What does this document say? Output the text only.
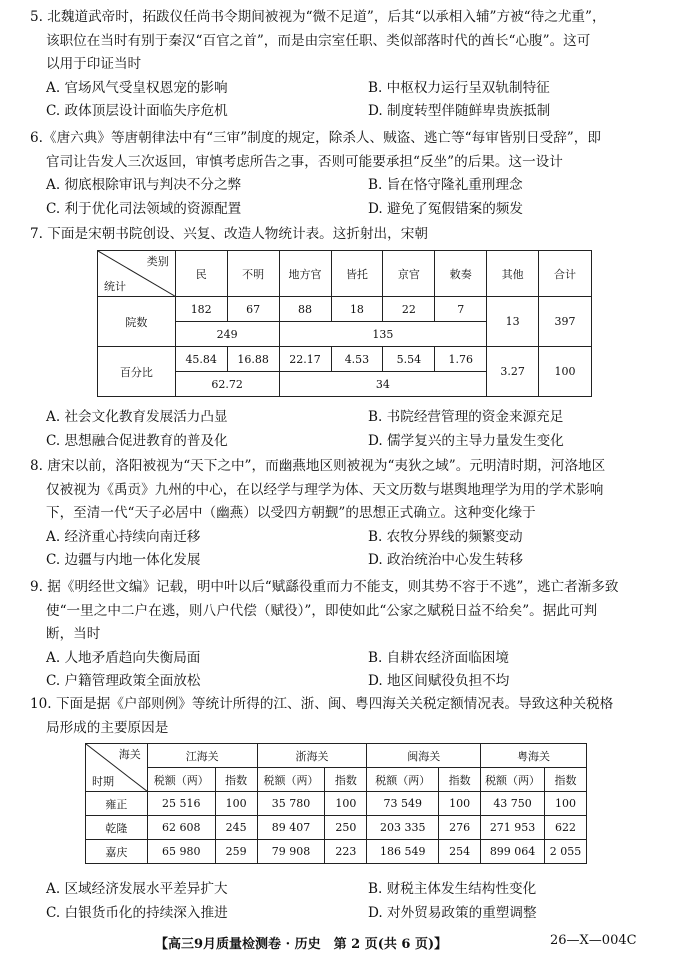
5. 北魏道武帝时，拓跋仪任尚书令期间被视为“微不足道”，后其“以承相入辅”方被“待之尤重”，

该职位在当时有别于秦汉“百官之首”，而是由宗室任职、类似部落时代的酋长“心腹”。这可

以用于印证当时

A. 官场风气受皇权恩宠的影响	B. 中枢权力运行呈双轨制特征
C. 政体顶层设计面临失序危机	D. 制度转型伴随鲜卑贵族抵制

6.《唐六典》等唐朝律法中有“三审”制度的规定，除杀人、贼盗、逃亡等“每审皆别日受辞”，即

官司让告发人三次返回，审慎考虑所告之事，否则可能要承担“反坐”的后果。这一设计

A. 彻底根除审讯与判决不分之弊	B. 旨在恪守隆礼重刑理念
C. 利于优化司法领域的资源配置	D. 避免了冤假错案的频发

7. 下面是宋朝书院创设、兴复、改造人物统计表。这折射出，宋朝

类别
统计	民	不明	地方官	皆托	京官	敕奏	其他	合计
院数	182	67	88	18	22	7	13	397
	249		135					
百分比	45.84	16.88	22.17	4.53	5.54	1.76	3.27	100
	62.72		34					
A. 社会文化教育发展活力凸显	B. 书院经营管理的资金来源充足
C. 思想融合促进教育的普及化	D. 儒学复兴的主导力量发生变化

8. 唐宋以前，洛阳被视为“天下之中”，而幽燕地区则被视为“夷狄之域”。元明清时期，河洛地区

仅被视为《禹贡》九州的中心，在以经学与理学为体、天文历数与堪舆地理学为用的学术影响

下，至清一代“天子必居中（幽燕）以受四方朝觐”的思想正式确立。这种变化缘于

A. 经济重心持续向南迁移	B. 农牧分界线的频繁变动
C. 边疆与内地一体化发展	D. 政治统治中心发生转移

9. 据《明经世文编》记载，明中叶以后“赋繇役重而力不能支，则其势不容于不逃”，逃亡者渐多致

使“一里之中二户在逃，则八户代偿（赋役）”，即使如此“公家之赋税日益不给矣”。据此可判

断，当时

A. 人地矛盾趋向失衡局面	B. 自耕农经济面临困境
C. 户籍管理政策全面放松	D. 地区间赋役负担不均

10. 下面是据《户部则例》等统计所得的江、浙、闽、粤四海关关税定额情况表。导致这种关税格

局形成的主要原因是

海关
时期	江海关		浙海关		闽海关		粤海关	
	税额（两）	指数	税额（两）	指数	税额（两）	指数	税额（两）	指数
雍正	25 516	100	35 780	100	73 549	100	43 750	100
乾隆	62 608	245	89 407	250	203 335	276	271 953	622
嘉庆	65 980	259	79 908	223	186 549	254	899 064	2 055
A. 区域经济发展水平差异扩大	B. 财税主体发生结构性变化
C. 白银货币化的持续深入推进	D. 对外贸易政策的重塑调整
【高三9月质量检测卷 · 历史　第 2 页(共 6 页)】	26—X—004C
